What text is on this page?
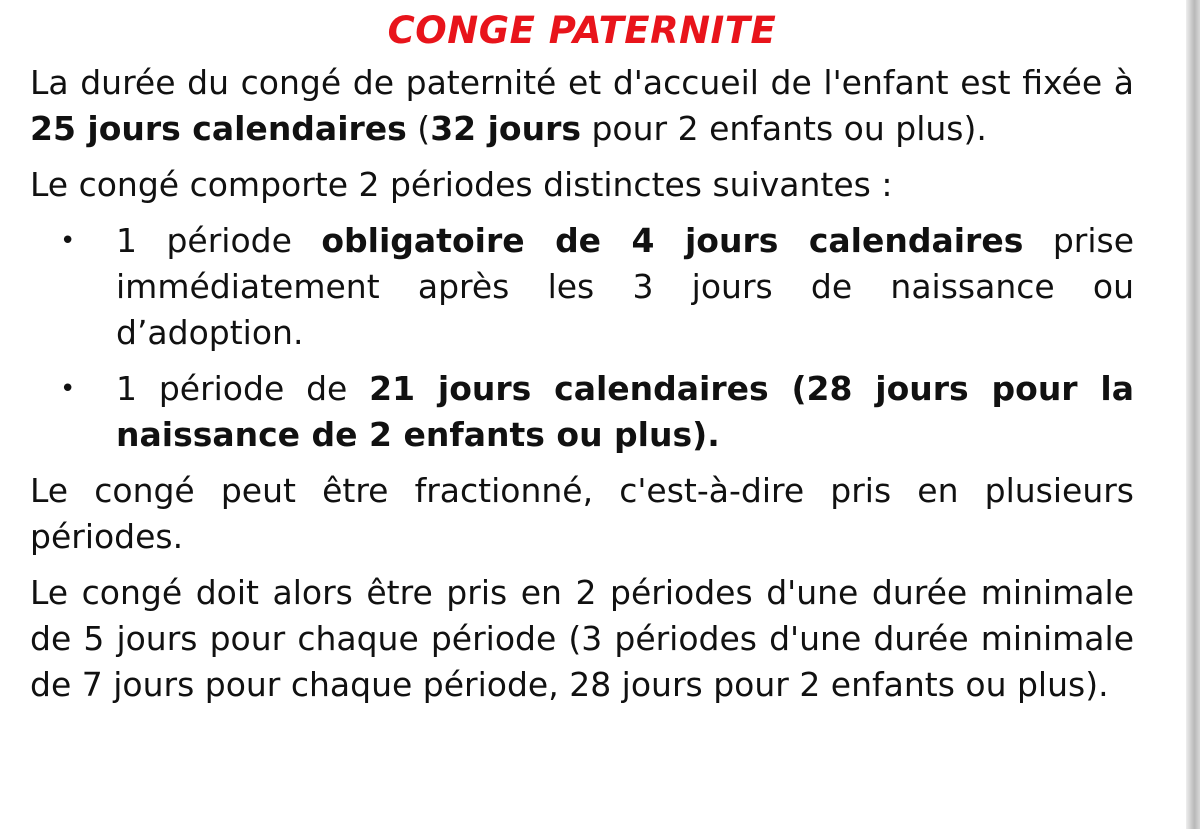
CONGE PATERNITE

La durée du congé de paternité et d'accueil de l'enfant est fixée à 25 jours calendaires (32 jours pour 2 enfants ou plus).

Le congé comporte 2 périodes distinctes suivantes :

• 1 période obligatoire de 4 jours calendaires prise immédiatement après les 3 jours de naissance ou d’adoption.
• 1 période de 21 jours calendaires (28 jours pour la naissance de 2 enfants ou plus).

Le congé peut être fractionné, c'est-à-dire pris en plusieurs périodes.

Le congé doit alors être pris en 2 périodes d'une durée minimale de 5 jours pour chaque période (3 périodes d'une durée minimale de 7 jours pour chaque période, 28 jours pour 2 enfants ou plus).
